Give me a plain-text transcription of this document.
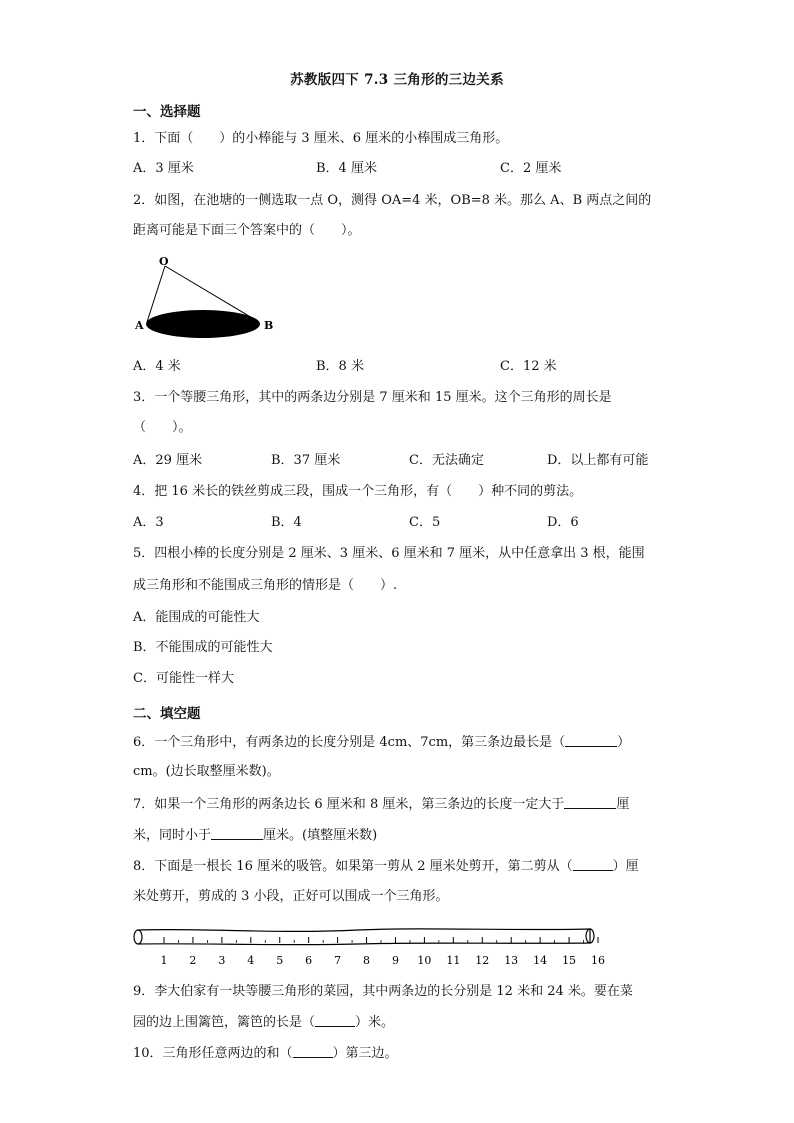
苏教版四下 7.3 三角形的三边关系
一、选择题
1．下面（　　）的小棒能与 3 厘米、6 厘米的小棒围成三角形。
A．3 厘米	B．4 厘米	C．2 厘米
2．如图，在池塘的一侧选取一点 O，测得 OA=4 米，OB=8 米。那么 A、B 两点之间的
距离可能是下面三个答案中的（　　）。
O
A	B
A．4 米	B．8 米	C．12 米
3．一个等腰三角形，其中的两条边分别是 7 厘米和 15 厘米。这个三角形的周长是
（　　）。
A．29 厘米	B．37 厘米	C．无法确定	D．以上都有可能
4．把 16 米长的铁丝剪成三段，围成一个三角形，有（　　）种不同的剪法。
A．3	B．4	C．5	D．6
5．四根小棒的长度分别是 2 厘米、3 厘米、6 厘米和 7 厘米，从中任意拿出 3 根，能围
成三角形和不能围成三角形的情形是（　　）.
A．能围成的可能性大
B．不能围成的可能性大
C．可能性一样大
二、填空题
6．一个三角形中，有两条边的长度分别是 4cm、7cm，第三条边最长是（	）
cm。(边长取整厘米数)。
7．如果一个三角形的两条边长 6 厘米和 8 厘米，第三条边的长度一定大于	厘
米，同时小于	厘米。(填整厘米数)
8．下面是一根长 16 厘米的吸管。如果第一剪从 2 厘米处剪开，第二剪从（	）厘
米处剪开，剪成的 3 小段，正好可以围成一个三角形。
1 2 3 4 5 6 7 8 9 10 11 12 13 14 15 16
9．李大伯家有一块等腰三角形的菜园，其中两条边的长分别是 12 米和 24 米。要在菜
园的边上围篱笆，篱笆的长是（	）米。
10．三角形任意两边的和（	）第三边。
